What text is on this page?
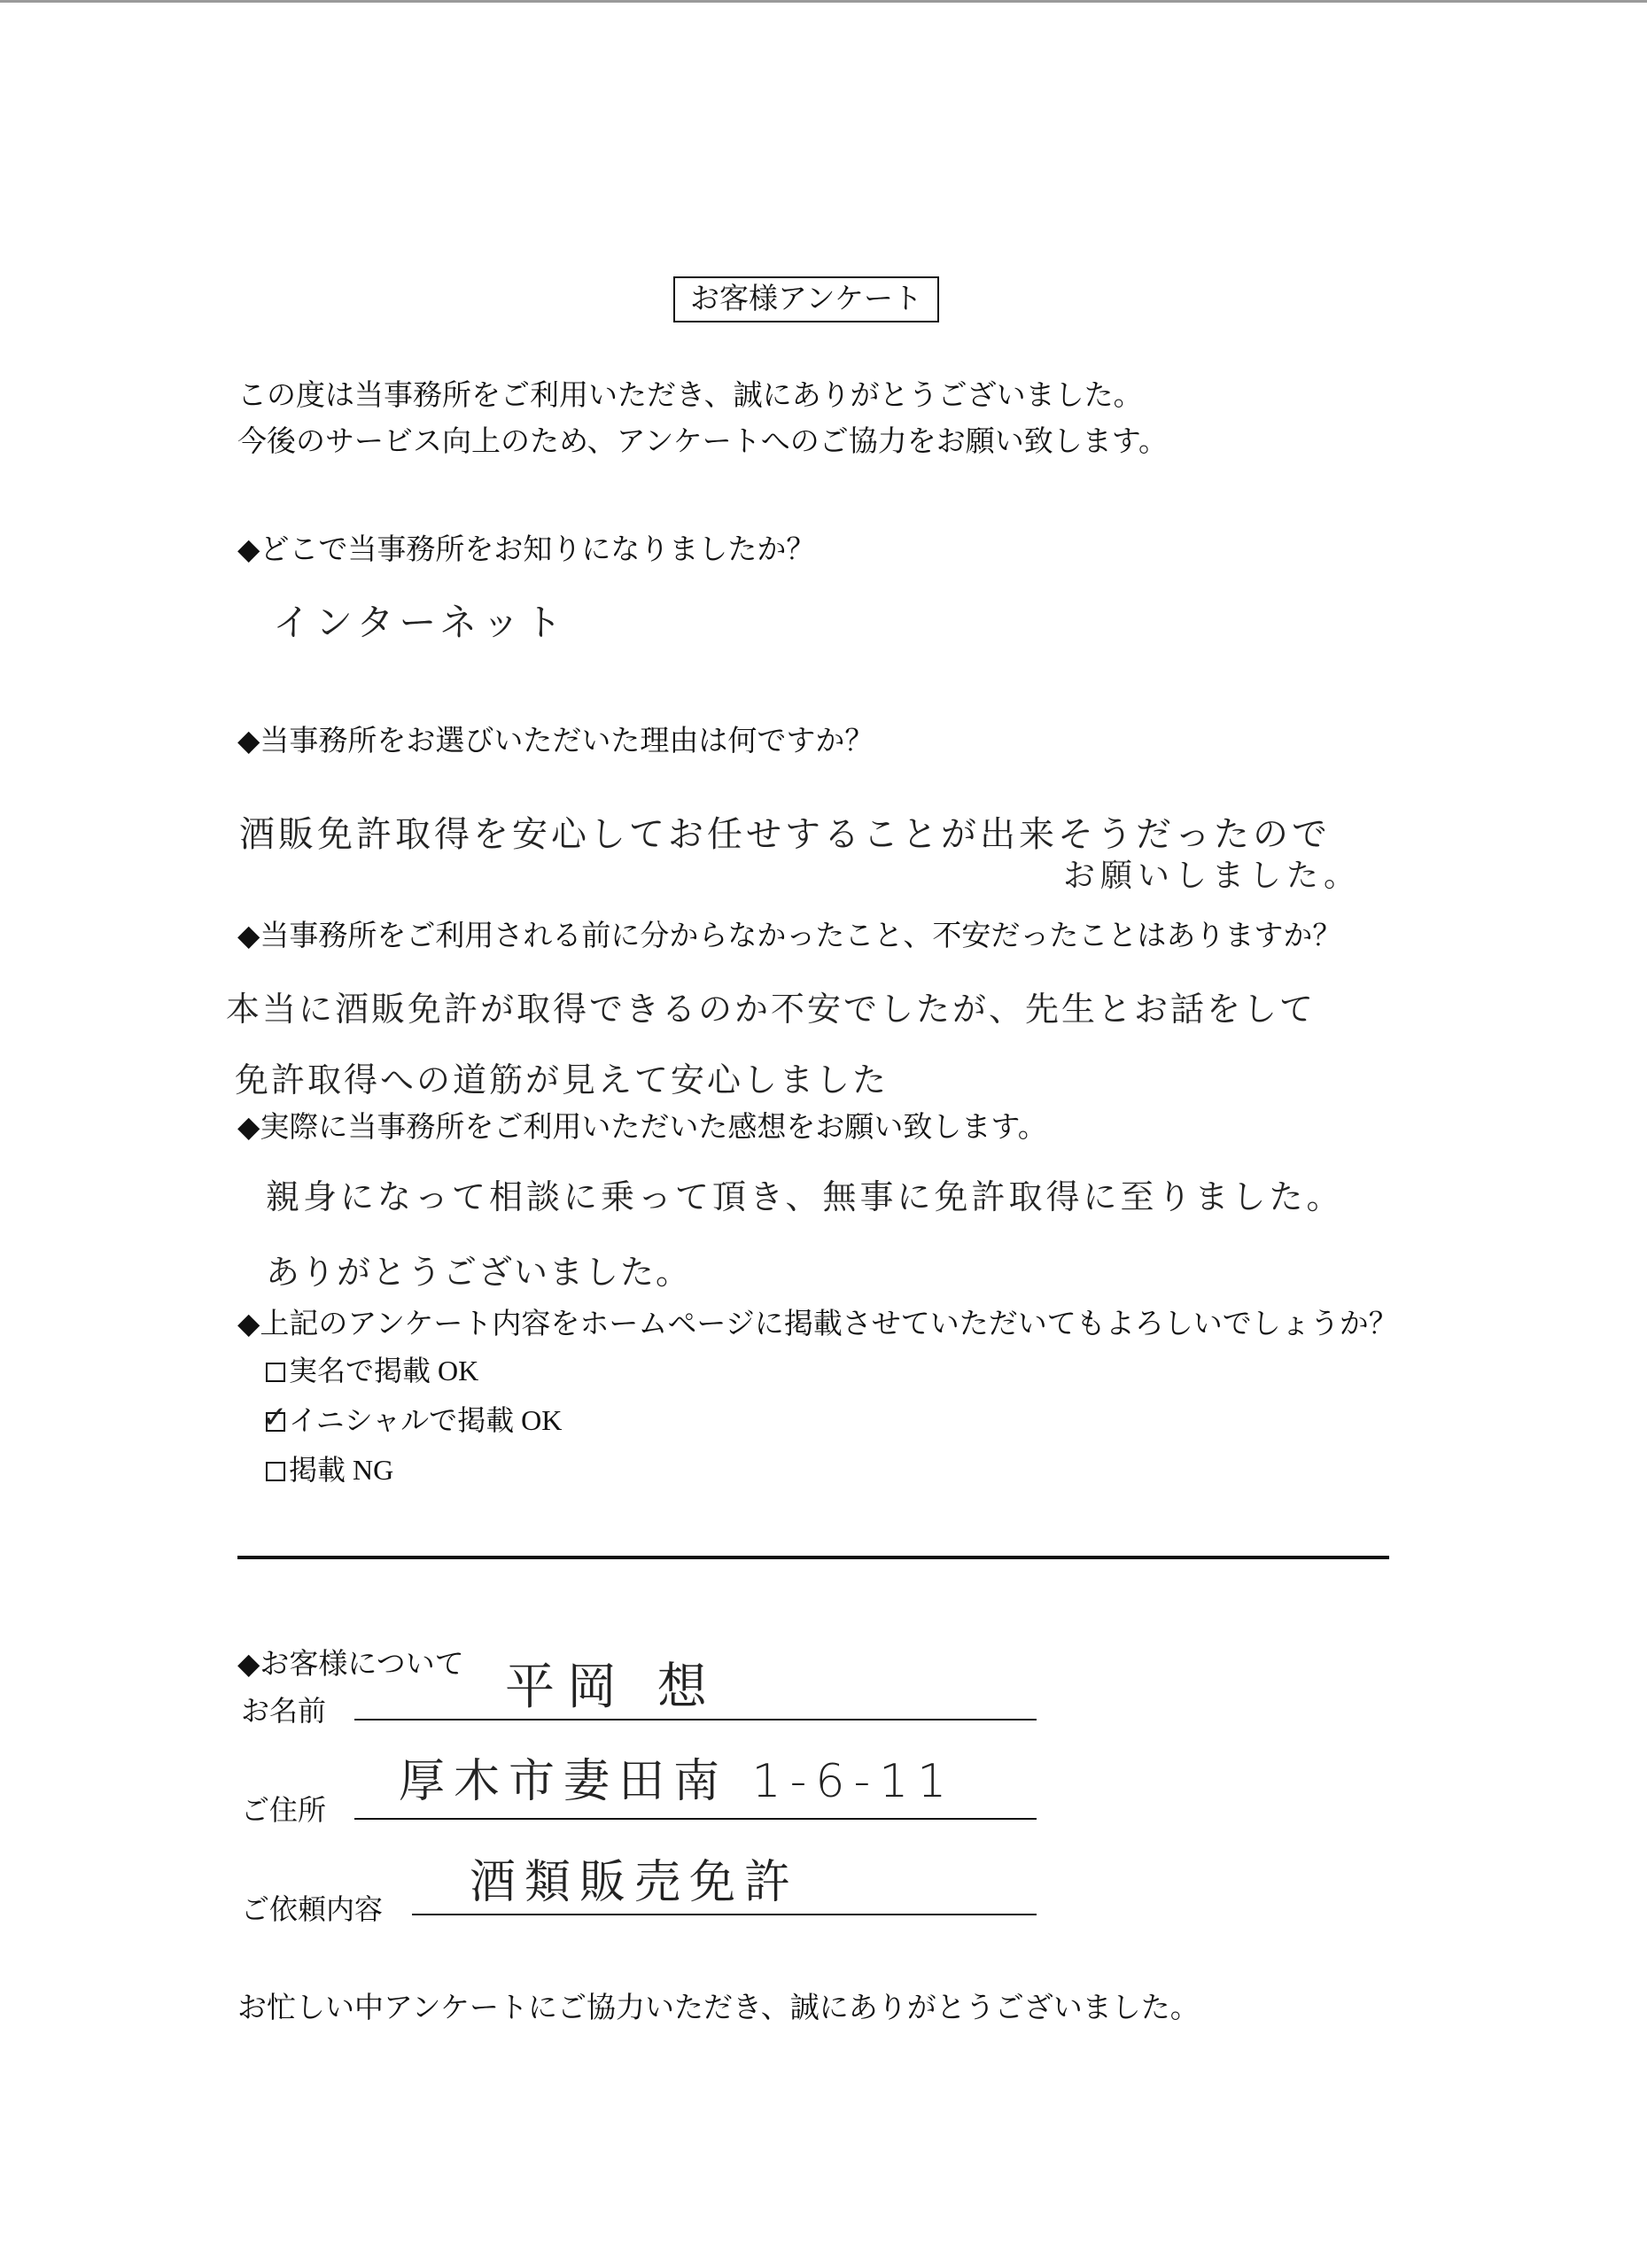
お客様アンケート
この度は当事務所をご利用いただき、誠にありがとうございました。
今後のサービス向上のため、アンケートへのご協力をお願い致します。
◆どこで当事務所をお知りになりましたか？
インターネット
◆当事務所をお選びいただいた理由は何ですか？
酒販免許取得を安心してお任せすることが出来そうだったので
お願いしました。
◆当事務所をご利用される前に分からなかったこと、不安だったことはありますか？
本当に酒販免許が取得できるのか不安でしたが、先生とお話をして
免許取得への道筋が見えて安心しました
◆実際に当事務所をご利用いただいた感想をお願い致します。
親身になって相談に乗って頂き、無事に免許取得に至りました。
ありがとうございました。
◆上記のアンケート内容をホームページに掲載させていただいてもよろしいでしょうか？
実名で掲載 OK
✓ イニシャルで掲載 OK
掲載 NG
◆お客様について
お名前	平岡 想
ご住所
厚木市妻田南 1-6-11
ご依頼内容 酒類販売免許
お忙しい中アンケートにご協力いただき、誠にありがとうございました。
